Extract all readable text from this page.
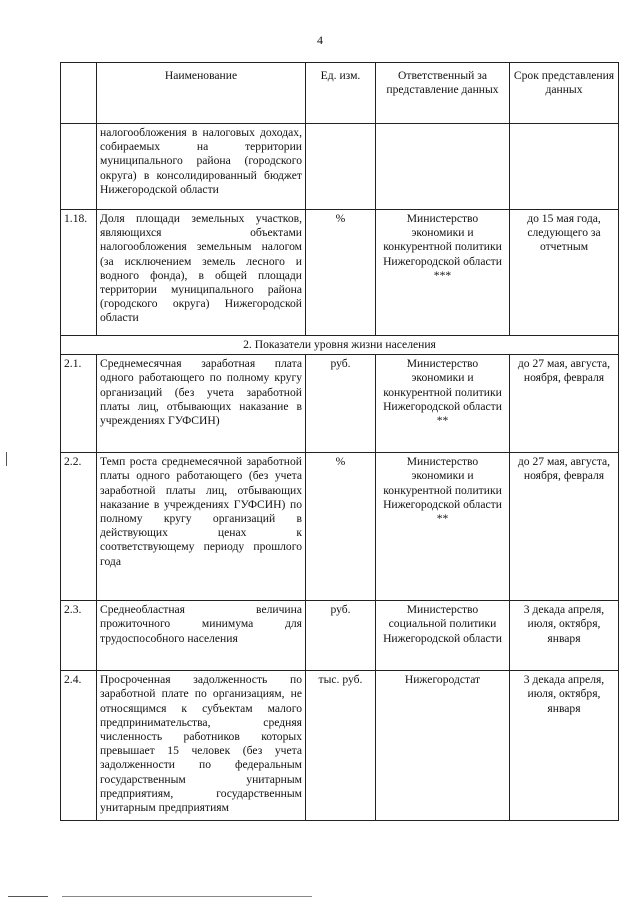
4
	Наименование	Ед. изм.	Ответственный за представление данных	Срок представления данных
	налогообложения в налоговых доходах, собираемых на территории муниципального района (городского округа) в консолидированный бюджет Нижегородской области			
1.18.	Доля площади земельных участков, являющихся объектами налогообложения земельным налогом (за исключением земель лесного и водного фонда), в общей площади территории муниципального района (городского округа) Нижегородской области	%	Министерство экономики и конкурентной политики Нижегородской области ***	до 15 мая года, следующего за отчетным
2. Показатели уровня жизни населения				
2.1.	Среднемесячная заработная плата одного работающего по полному кругу организаций (без учета заработной платы лиц, отбывающих наказание в учреждениях ГУФСИН)	руб.	Министерство экономики и конкурентной политики Нижегородской области **	до 27 мая, августа, ноября, февраля
2.2.	Темп роста среднемесячной заработной платы одного работающего (без учета заработной платы лиц, отбывающих наказание в учреждениях ГУФСИН) по полному кругу организаций в действующих ценах к соответствующему периоду прошлого года	%	Министерство экономики и конкурентной политики Нижегородской области **	до 27 мая, августа, ноября, февраля
2.3.	Среднеобластная величина прожиточного минимума для трудоспособного населения	руб.	Министерство социальной политики Нижегородской области	3 декада апреля, июля, октября, января
2.4.	Просроченная задолженность по заработной плате по организациям, не относящимся к субъектам малого предпринимательства, средняя численность работников которых превышает 15 человек (без учета задолженности по федеральным государственным унитарным предприятиям, государственным унитарным предприятиям	тыс. руб.	Нижегородстат	3 декада апреля, июля, октября, января
